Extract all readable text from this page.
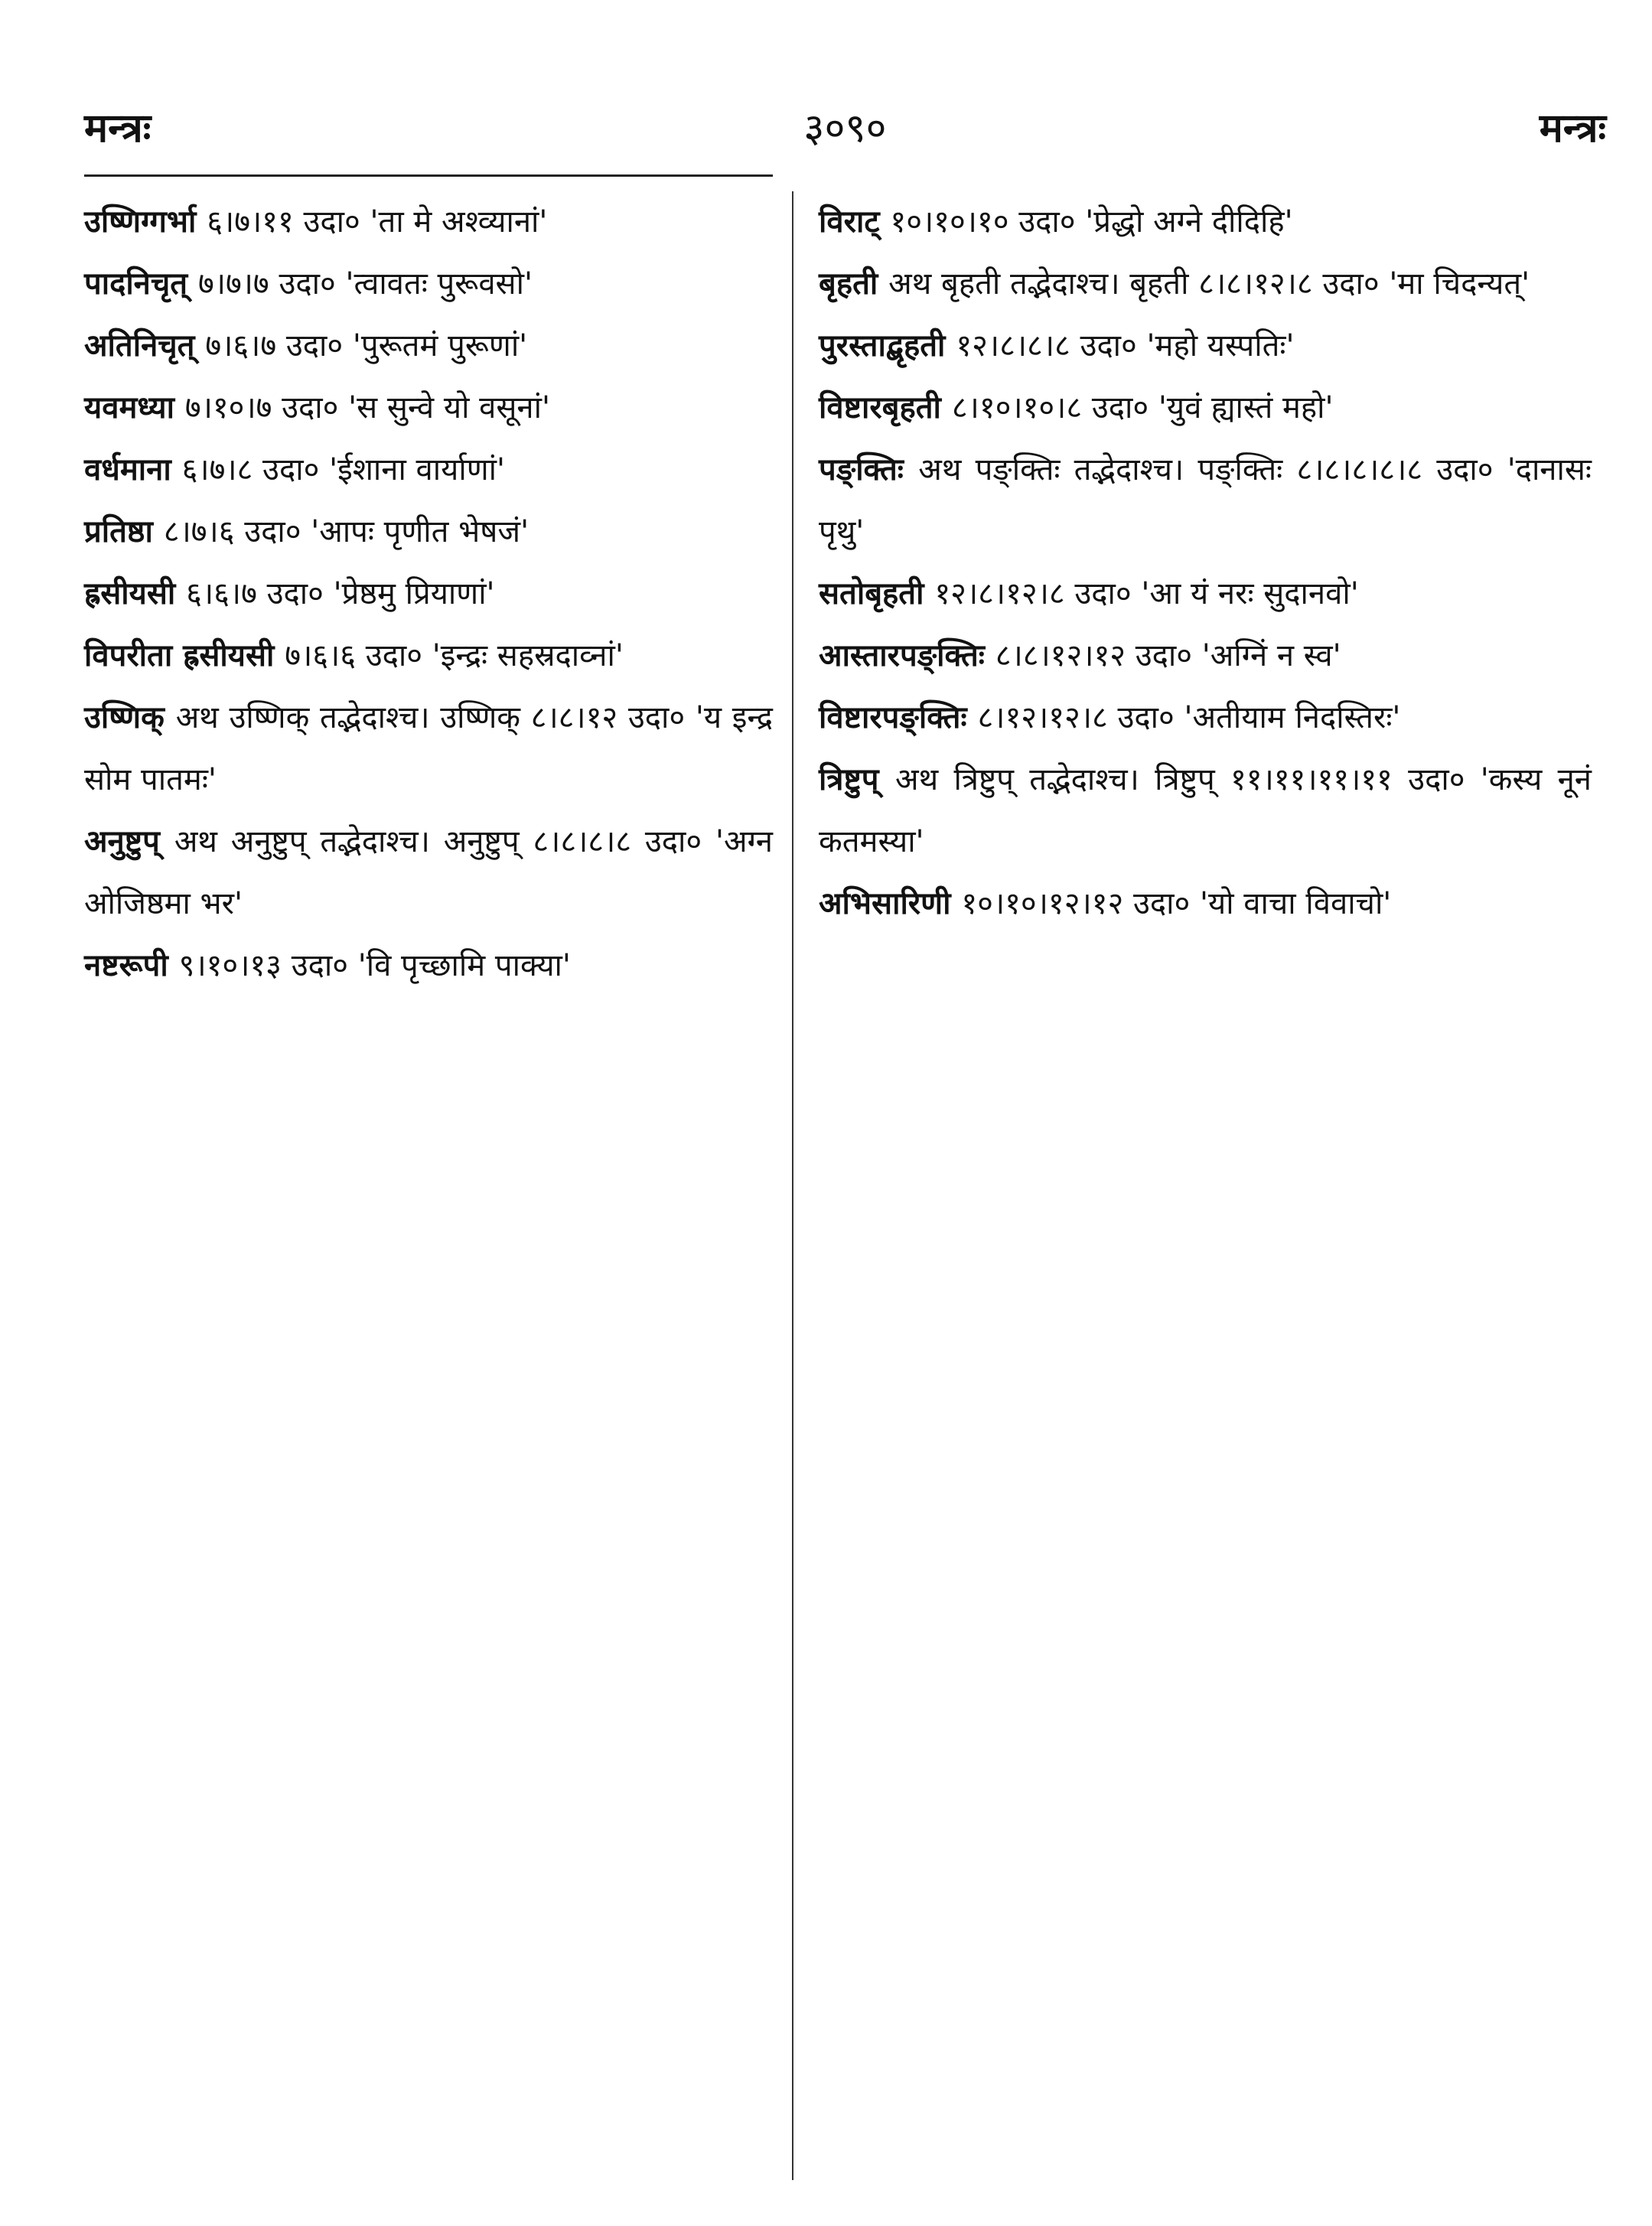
मन्त्रः	३०९०	मन्त्रः
उष्णिग्गर्भा ६।७।११ उदा० 'ता मे अश्व्यानां'
पादनिचृत् ७।७।७ उदा० 'त्वावतः पुरूवसो'
अतिनिचृत् ७।६।७ उदा० 'पुरूतमं पुरूणां'
यवमध्या ७।१०।७ उदा० 'स सुन्वे यो वसूनां'
वर्धमाना ६।७।८ उदा० 'ईशाना वार्याणां'
प्रतिष्ठा ८।७।६ उदा० 'आपः पृणीत भेषजं'
ह्रसीयसी ६।६।७ उदा० 'प्रेष्ठमु प्रियाणां'
विपरीता ह्रसीयसी ७।६।६ उदा० 'इन्द्रः सहस्रदाव्नां'
उष्णिक् अथ उष्णिक् तद्भेदाश्च। उष्णिक् ८।८।१२ उदा० 'य इन्द्र सोम पातमः'
अनुष्टुप् अथ अनुष्टुप् तद्भेदाश्च। अनुष्टुप् ८।८।८।८ उदा० 'अग्न ओजिष्ठमा भर'
नष्टरूपी ९।१०।१३ उदा० 'वि पृच्छामि पाक्या'
विराट् १०।१०।१० उदा० 'प्रेद्धो अग्ने दीदिहि'
बृहती अथ बृहती तद्भेदाश्च। बृहती ८।८।१२।८ उदा० 'मा चिदन्यत्'
पुरस्ताद्बृहती १२।८।८।८ उदा० 'महो यस्पतिः'
विष्टारबृहती ८।१०।१०।८ उदा० 'युवं ह्यास्तं महो'
पङ्क्तिः अथ पङ्क्तिः तद्भेदाश्च। पङ्क्तिः ८।८।८।८।८ उदा० 'दानासः पृथु'
सतोबृहती १२।८।१२।८ उदा० 'आ यं नरः सुदानवो'
आस्तारपङ्क्तिः ८।८।१२।१२ उदा० 'अग्निं न स्व'
विष्टारपङ्क्तिः ८।१२।१२।८ उदा० 'अतीयाम निदस्तिरः'
त्रिष्टुप् अथ त्रिष्टुप् तद्भेदाश्च। त्रिष्टुप् ११।११।११।११ उदा० 'कस्य नूनं कतमस्या'
अभिसारिणी १०।१०।१२।१२ उदा० 'यो वाचा विवाचो'
